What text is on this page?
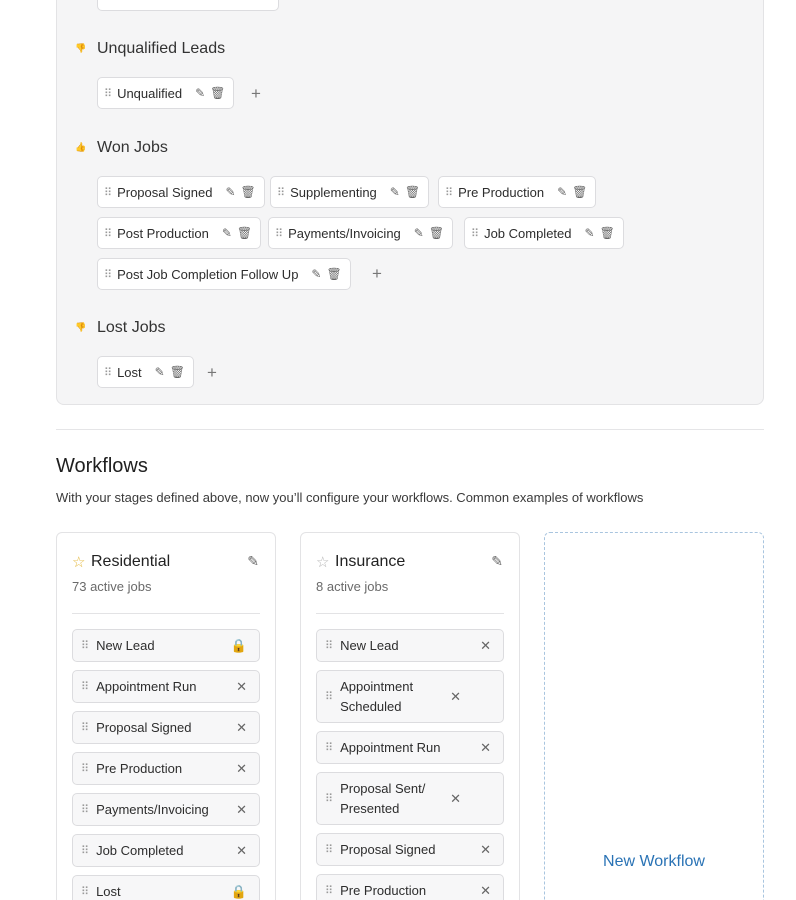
👎 Unqualified Leads
⠿ Unqualified ✎ 🗑 +
👍 Won Jobs
⠿ Proposal Signed ✎ 🗑 ⠿ Supplementing ✎ 🗑 ⠿ Pre Production ✎ 🗑
⠿ Post Production ✎ 🗑 ⠿ Payments/Invoicing ✎ 🗑 ⠿ Job Completed ✎ 🗑
⠿ Post Job Completion Follow Up ✎ 🗑 +
👎 Lost Jobs
⠿ Lost ✎ 🗑 +
Workflows
With your stages defined above, now you’ll configure your workflows. Common examples of workflows
☆ Residential	✎
73 active jobs
⠿ New Lead	🔒
⠿ Appointment Run	✕
⠿ Proposal Signed	✕
⠿ Pre Production	✕
⠿ Payments/Invoicing	✕
⠿ Job Completed	✕
⠿ Lost	🔒
☆ Insurance	✎
8 active jobs
⠿ New Lead	✕
⠿
Appointment Scheduled
✕
⠿ Appointment Run	✕
⠿
Proposal Sent/ Presented
✕
⠿ Proposal Signed	✕
⠿ Pre Production	✕
New Workflow
